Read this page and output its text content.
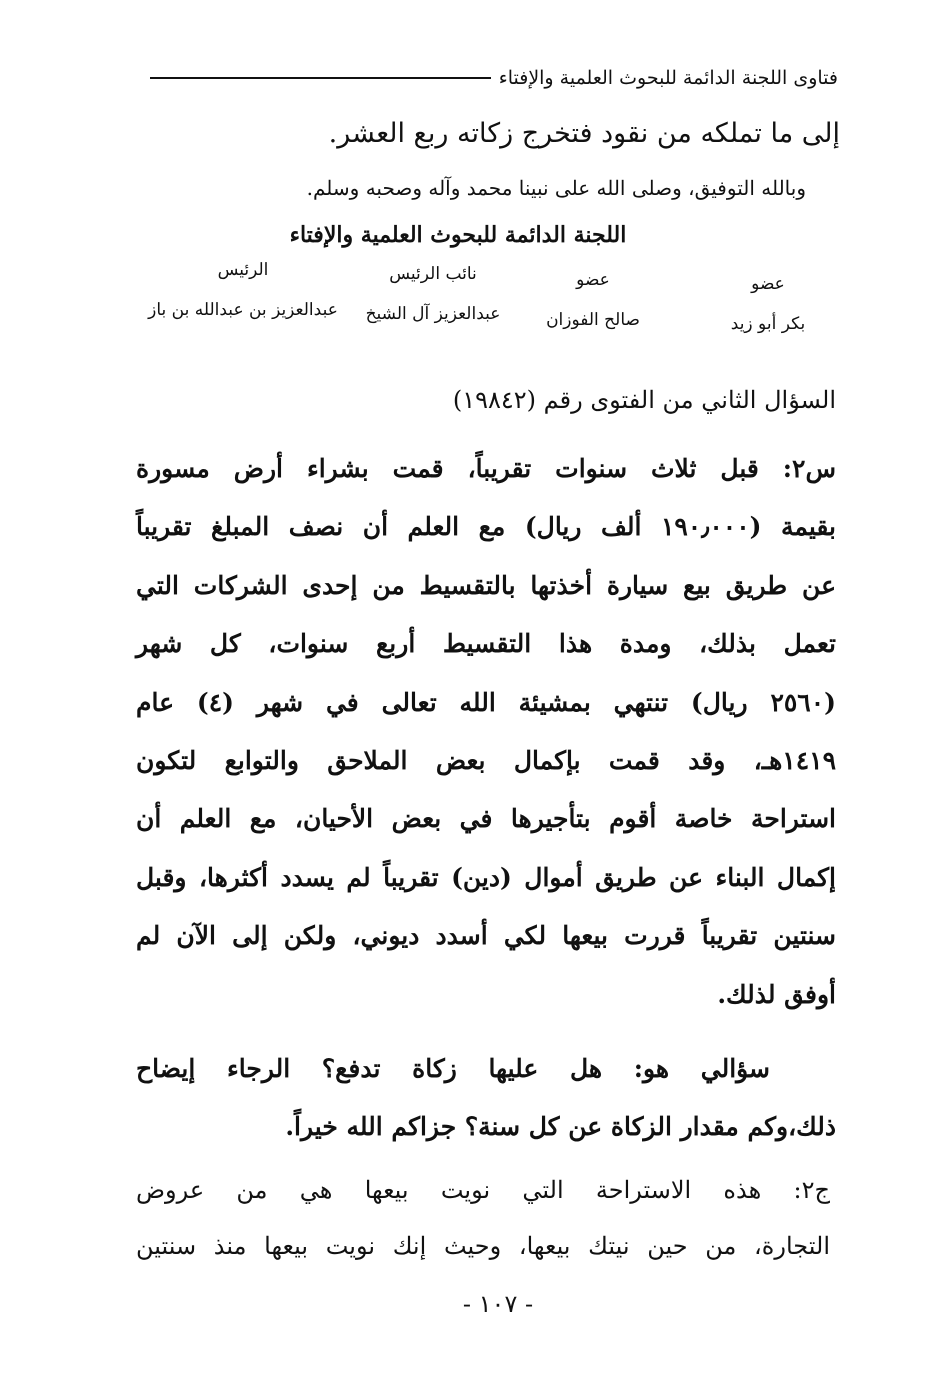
فتاوى اللجنة الدائمة للبحوث العلمية والإفتاء
إلى ما تملكه من نقود فتخرج زكاته ربع العشر.
وبالله التوفيق، وصلى الله على نبينا محمد وآله وصحبه وسلم.
اللجنة الدائمة للبحوث العلمية والإفتاء
عضو
بكر أبو زيد
عضو
صالح الفوزان
نائب الرئيس
عبدالعزيز آل الشيخ
الرئيس
عبدالعزيز بن عبدالله بن باز
السؤال الثاني من الفتوى رقم (١٩٨٤٢)
س٢: قبل ثلاث سنوات تقريباً، قمت بشراء أرض مسورة
بقيمة (١٩٠٫٠٠٠ ألف ريال) مع العلم أن نصف المبلغ تقريباً
عن طريق بيع سيارة أخذتها بالتقسيط من إحدى الشركات التي
تعمل بذلك، ومدة هذا التقسيط أربع سنوات، كل شهر
(٢٥٦٠ ريال) تنتهي بمشيئة الله تعالى في شهر (٤) عام
١٤١٩هـ، وقد قمت بإكمال بعض الملاحق والتوابع لتكون
استراحة خاصة أقوم بتأجيرها في بعض الأحيان، مع العلم أن
إكمال البناء عن طريق أموال (دين) تقريباً لم يسدد أكثرها، وقبل
سنتين تقريباً قررت بيعها لكي أسدد ديوني، ولكن إلى الآن لم
أوفق لذلك.
سؤالي هو: هل عليها زكاة تدفع؟ الرجاء إيضاح
ذلك،وكم مقدار الزكاة عن كل سنة؟ جزاكم الله خيراً.
ج٢: هذه الاستراحة التي نويت بيعها هي من عروض
التجارة، من حين نيتك بيعها، وحيث إنك نويت بيعها منذ سنتين
- ١٠٧ -
